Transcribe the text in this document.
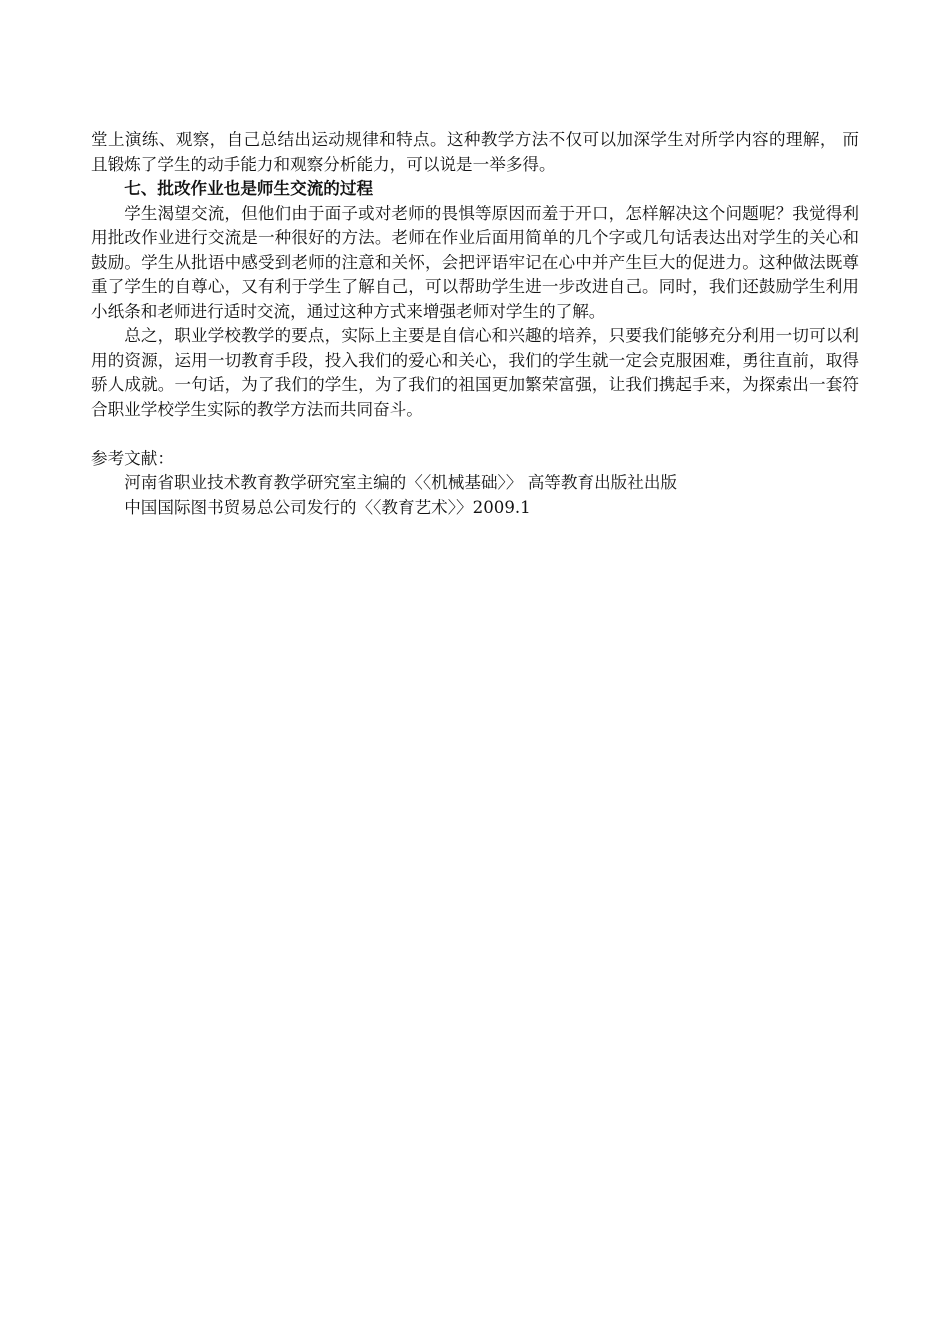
堂上演练、观察，自己总结出运动规律和特点。这种教学方法不仅可以加深学生对所学内容的理解， 而且锻炼了学生的动手能力和观察分析能力，可以说是一举多得。

七、批改作业也是师生交流的过程

学生渴望交流，但他们由于面子或对老师的畏惧等原因而羞于开口，怎样解决这个问题呢？我觉得利用批改作业进行交流是一种很好的方法。老师在作业后面用简单的几个字或几句话表达出对学生的关心和鼓励。学生从批语中感受到老师的注意和关怀，会把评语牢记在心中并产生巨大的促进力。这种做法既尊重了学生的自尊心，又有利于学生了解自己，可以帮助学生进一步改进自己。同时，我们还鼓励学生利用小纸条和老师进行适时交流，通过这种方式来增强老师对学生的了解。

总之，职业学校教学的要点，实际上主要是自信心和兴趣的培养，只要我们能够充分利用一切可以利用的资源，运用一切教育手段，投入我们的爱心和关心，我们的学生就一定会克服困难，勇往直前，取得骄人成就。一句话，为了我们的学生，为了我们的祖国更加繁荣富强，让我们携起手来，为探索出一套符合职业学校学生实际的教学方法而共同奋斗。

参考文献：

河南省职业技术教育教学研究室主编的〈〈机械基础〉〉 高等教育出版社出版

中国国际图书贸易总公司发行的〈〈教育艺术〉〉2009.1
